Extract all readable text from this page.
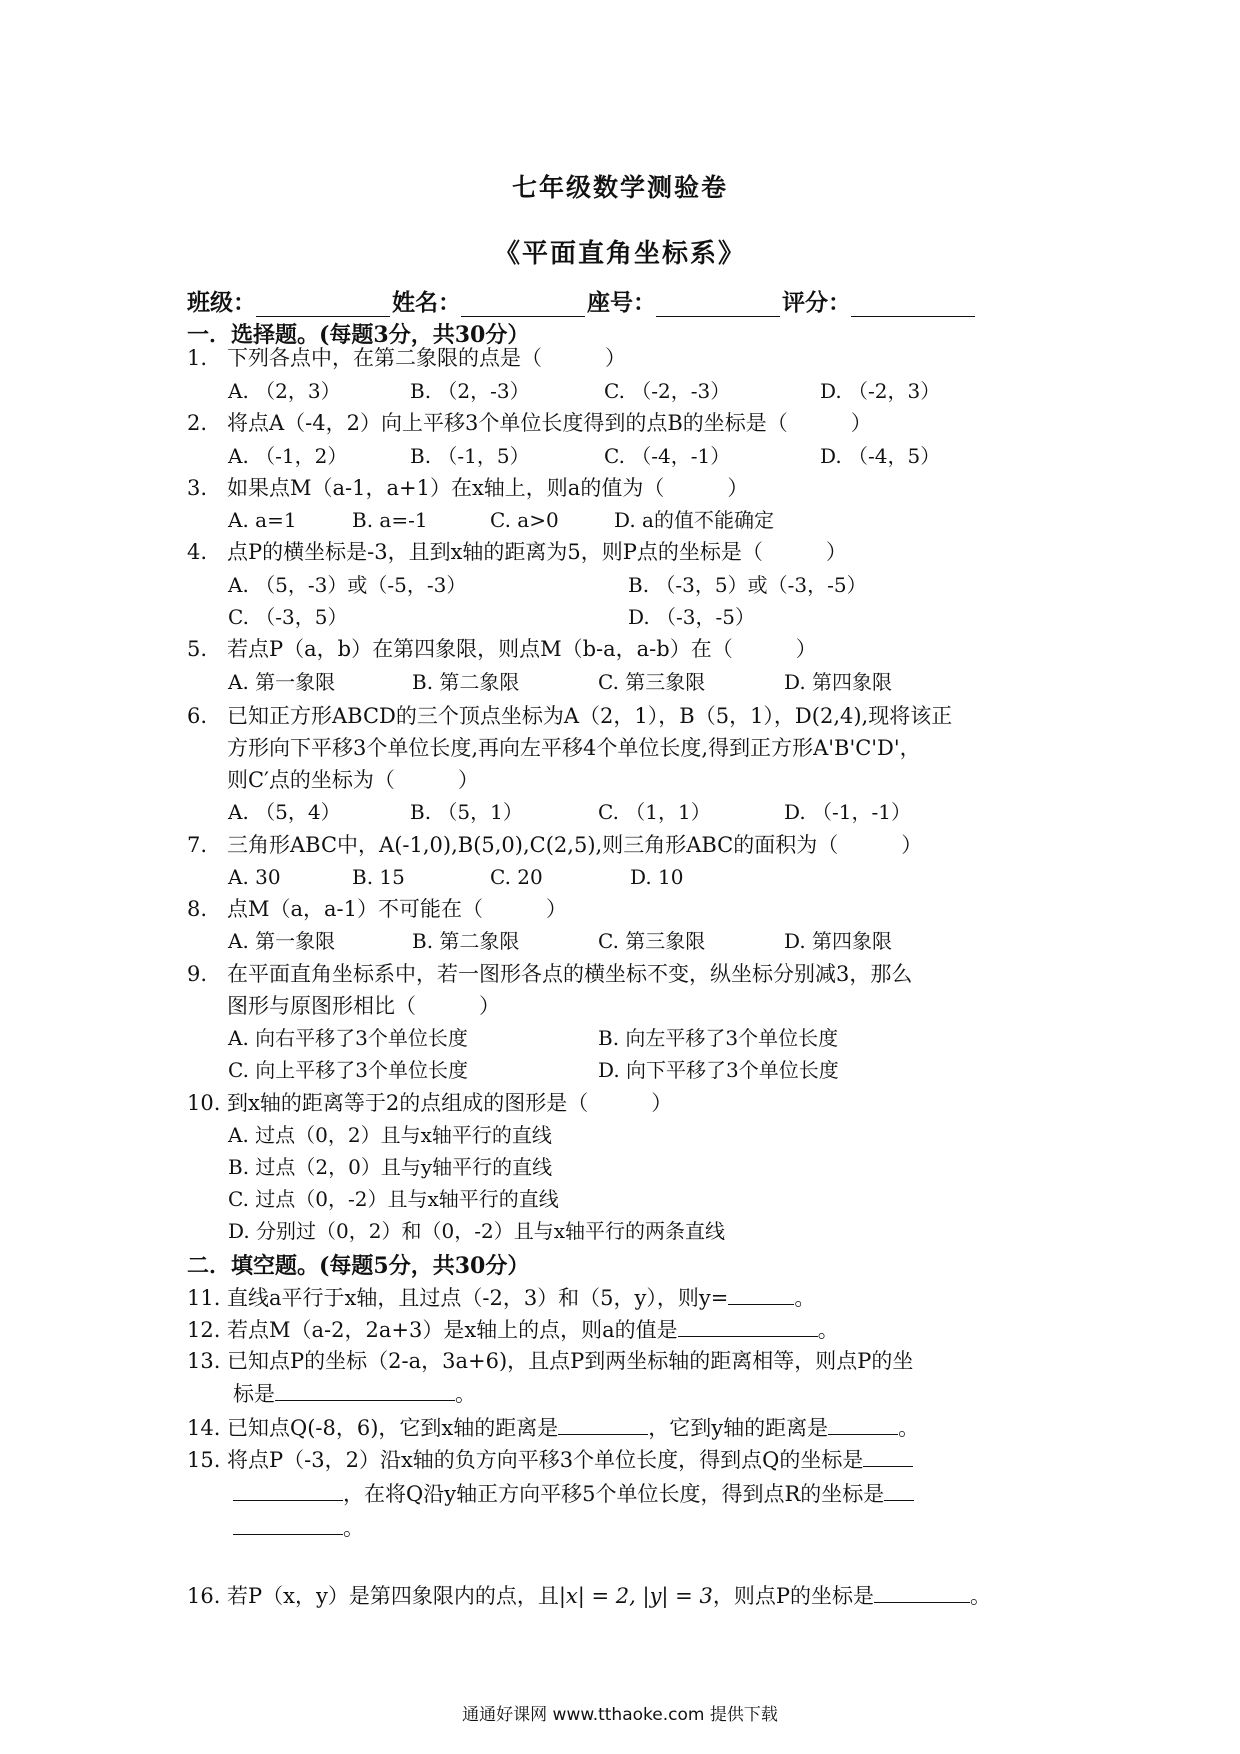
七年级数学测验卷
《平面直角坐标系》
班级：	姓名：	座号：	评分：
一．选择题。(每题3分，共30分）
1. 下列各点中，在第二象限的点是（　　　）
A. （2，3）	B. （2，-3）	C. （-2，-3）	D. （-2，3）
2. 将点A（-4，2）向上平移3个单位长度得到的点B的坐标是（　　　）
A. （-1，2）	B. （-1，5）	C. （-4，-1）	D. （-4，5）
3. 如果点M（a-1，a+1）在x轴上，则a的值为（　　　）
A. a=1	B. a=-1	C. a>0	D. a的值不能确定
4. 点P的横坐标是-3，且到x轴的距离为5，则P点的坐标是（　　　）
A. （5，-3）或（-5，-3）	B. （-3，5）或（-3，-5）
C. （-3，5）	D. （-3，-5）
5. 若点P（a，b）在第四象限，则点M（b-a，a-b）在（　　　）
A. 第一象限	B. 第二象限	C. 第三象限	D. 第四象限
6. 已知正方形ABCD的三个顶点坐标为A（2，1），B（5，1），D(2,4),现将该正
方形向下平移3个单位长度,再向左平移4个单位长度,得到正方形A'B'C'D'，
则C′点的坐标为（　　　）
A. （5，4）	B. （5，1）	C. （1，1）	D. （-1，-1）
7. 三角形ABC中，A(-1,0),B(5,0),C(2,5),则三角形ABC的面积为（　　　）
A. 30	B. 15	C. 20	D. 10
8. 点M（a，a-1）不可能在（　　　）
A. 第一象限	B. 第二象限	C. 第三象限	D. 第四象限
9. 在平面直角坐标系中，若一图形各点的横坐标不变，纵坐标分别减3，那么
图形与原图形相比（　　　）
A. 向右平移了3个单位长度	B. 向左平移了3个单位长度
C. 向上平移了3个单位长度	D. 向下平移了3个单位长度
10. 到x轴的距离等于2的点组成的图形是（　　　）
A. 过点（0，2）且与x轴平行的直线
B. 过点（2，0）且与y轴平行的直线
C. 过点（0，-2）且与x轴平行的直线
D. 分别过（0，2）和（0，-2）且与x轴平行的两条直线
二．填空题。(每题5分，共30分）
11. 直线a平行于x轴，且过点（-2，3）和（5，y），则y=	。
12. 若点M（a-2，2a+3）是x轴上的点，则a的值是	。
13. 已知点P的坐标（2-a，3a+6)，且点P到两坐标轴的距离相等，则点P的坐
标是	。
14. 已知点Q(-8，6)，它到x轴的距离是	，它到y轴的距离是	。
15. 将点P（-3，2）沿x轴的负方向平移3个单位长度，得到点Q的坐标是
，在将Q沿y轴正方向平移5个单位长度，得到点R的坐标是
。
16. 若P（x，y）是第四象限内的点，且|x| = 2, |y| = 3，则点P的坐标是	。
通通好课网 www.tthaoke.com 提供下载
